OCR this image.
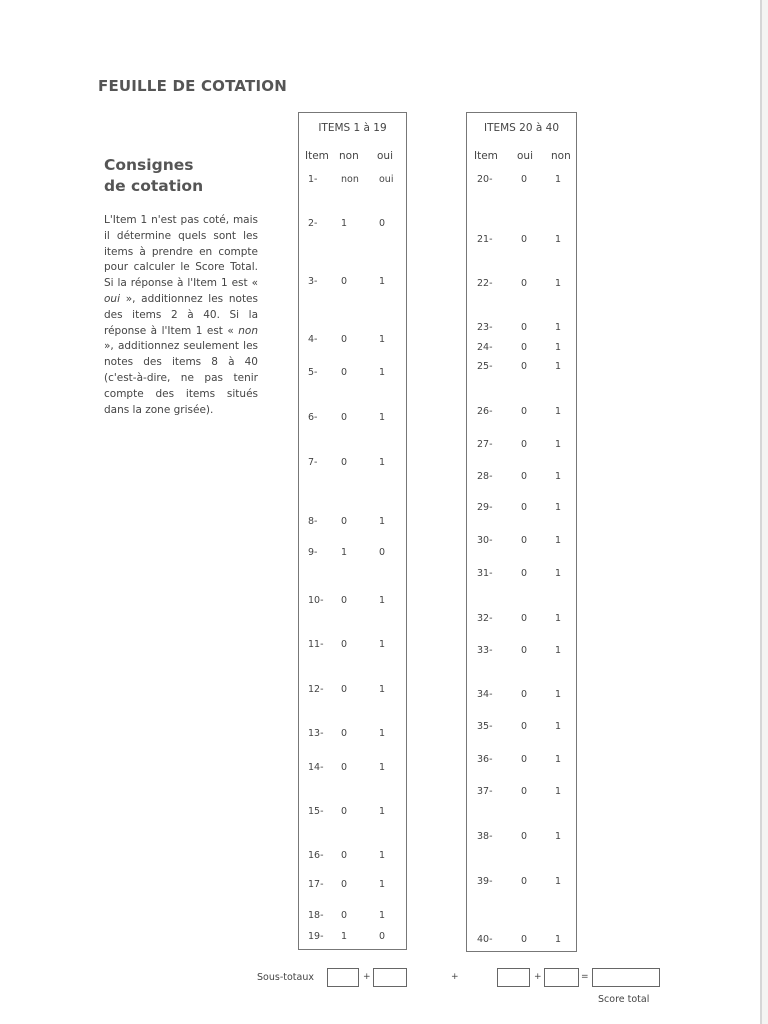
FEUILLE DE COTATION
Consignes
de cotation
L'Item 1 n'est pas coté, mais il détermine quels sont les items à prendre en compte pour calculer le Score Total. Si la réponse à l'Item 1 est « oui », additionnez les notes des items 2 à 40. Si la réponse à l'Item 1 est « non », additionnez seulement les notes des items 8 à 40 (c'est-à-dire, ne pas tenir compte des items situés dans la zone grisée).
ITEMS 1 à 19
Item non oui
1- non oui
2- 1	0
3- 0	1
4- 0	1
5- 0	1
6- 0	1
7- 0	1
8- 0	1
9- 1	0
10- 0	1
11- 0	1
12- 0	1
13- 0	1
14- 0	1
15- 0	1
16- 0	1
17- 0	1
18- 0	1
19- 1	0
ITEMS 20 à 40
Item oui non
20-	0	1
21-	0	1
22-	0	1
23-	0	1
24-	0	1
25-	0	1
26-	0	1
27-	0	1
28-	0	1
29-	0	1
30-	0	1
31-	0	1
32-	0	1
33-	0	1
34-	0	1
35-	0	1
36-	0	1
37-	0	1
38-	0	1
39-	0	1
40-	0	1
Sous-totaux	+	+	+	=
Score total
